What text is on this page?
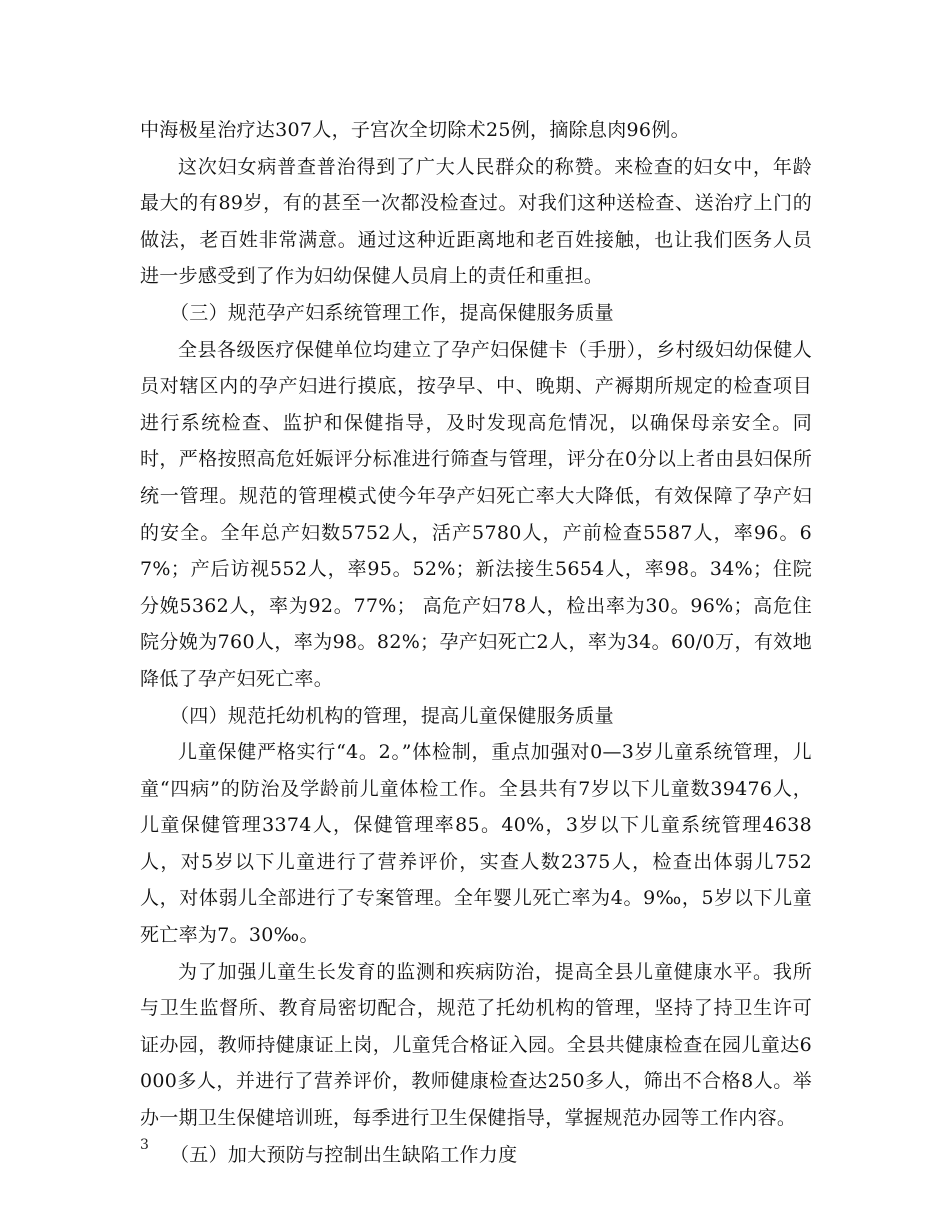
中海极星治疗达307人，子宫次全切除术25例，摘除息肉96例。

这次妇女病普查普治得到了广大人民群众的称赞。来检查的妇女中，年龄最大的有89岁，有的甚至一次都没检查过。对我们这种送检查、送治疗上门的做法，老百姓非常满意。通过这种近距离地和老百姓接触，也让我们医务人员进一步感受到了作为妇幼保健人员肩上的责任和重担。

（三）规范孕产妇系统管理工作，提高保健服务质量

全县各级医疗保健单位均建立了孕产妇保健卡（手册），乡村级妇幼保健人员对辖区内的孕产妇进行摸底，按孕早、中、晚期、产褥期所规定的检查项目进行系统检查、监护和保健指导，及时发现高危情况，以确保母亲安全。同时，严格按照高危妊娠评分标准进行筛查与管理，评分在0分以上者由县妇保所统一管理。规范的管理模式使今年孕产妇死亡率大大降低，有效保障了孕产妇的安全。全年总产妇数5752人，活产5780人，产前检查5587人，率96。67%；产后访视552人，率95。52%；新法接生5654人，率98。34%；住院分娩5362人，率为92。77%； 高危产妇78人，检出率为30。96%；高危住院分娩为760人，率为98。82%；孕产妇死亡2人，率为34。60/0万，有效地降低了孕产妇死亡率。

（四）规范托幼机构的管理，提高儿童保健服务质量

儿童保健严格实行“4。2。”体检制，重点加强对0—3岁儿童系统管理，儿童“四病”的防治及学龄前儿童体检工作。全县共有7岁以下儿童数39476人，儿童保健管理3374人，保健管理率85。40%，3岁以下儿童系统管理4638人，对5岁以下儿童进行了营养评价，实查人数2375人，检查出体弱儿752人，对体弱儿全部进行了专案管理。全年婴儿死亡率为4。9‰，5岁以下儿童死亡率为7。30‰。

为了加强儿童生长发育的监测和疾病防治，提高全县儿童健康水平。我所与卫生监督所、教育局密切配合，规范了托幼机构的管理，坚持了持卫生许可证办园，教师持健康证上岗，儿童凭合格证入园。全县共健康检查在园儿童达6000多人，并进行了营养评价，教师健康检查达250多人，筛出不合格8人。举办一期卫生保健培训班，每季进行卫生保健指导，掌握规范办园等工作内容。

（五）加大预防与控制出生缺陷工作力度

3
